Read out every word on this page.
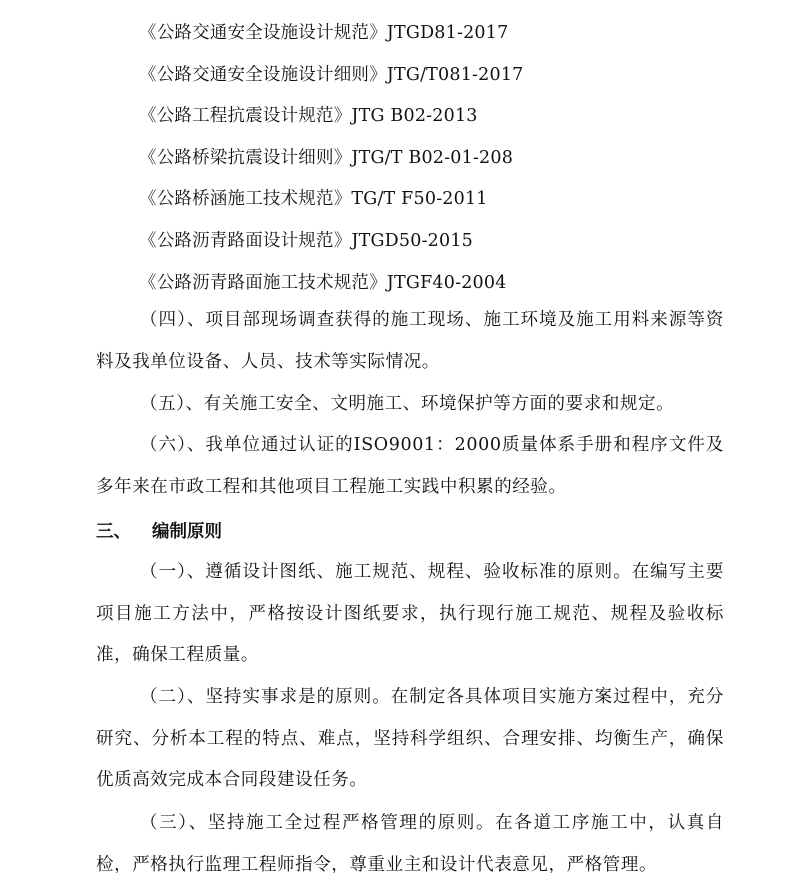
《公路交通安全设施设计规范》JTGD81-2017
《公路交通安全设施设计细则》JTG/T081-2017
《公路工程抗震设计规范》JTG B02-2013
《公路桥梁抗震设计细则》JTG/T B02-01-208
《公路桥涵施工技术规范》TG/T F50-2011
《公路沥青路面设计规范》JTGD50-2015
《公路沥青路面施工技术规范》JTGF40-2004
（四）、项目部现场调查获得的施工现场、施工环境及施工用料来源等资料及我单位设备、人员、技术等实际情况。
（五）、有关施工安全、文明施工、环境保护等方面的要求和规定。
（六）、我单位通过认证的ISO9001：2000质量体系手册和程序文件及多年来在市政工程和其他项目工程施工实践中积累的经验。
三、 编制原则
（一）、遵循设计图纸、施工规范、规程、验收标准的原则。在编写主要项目施工方法中，严格按设计图纸要求，执行现行施工规范、规程及验收标准，确保工程质量。
（二）、坚持实事求是的原则。在制定各具体项目实施方案过程中，充分研究、分析本工程的特点、难点，坚持科学组织、合理安排、均衡生产，确保优质高效完成本合同段建设任务。
（三）、坚持施工全过程严格管理的原则。在各道工序施工中，认真自检，严格执行监理工程师指令，尊重业主和设计代表意见，严格管理。
